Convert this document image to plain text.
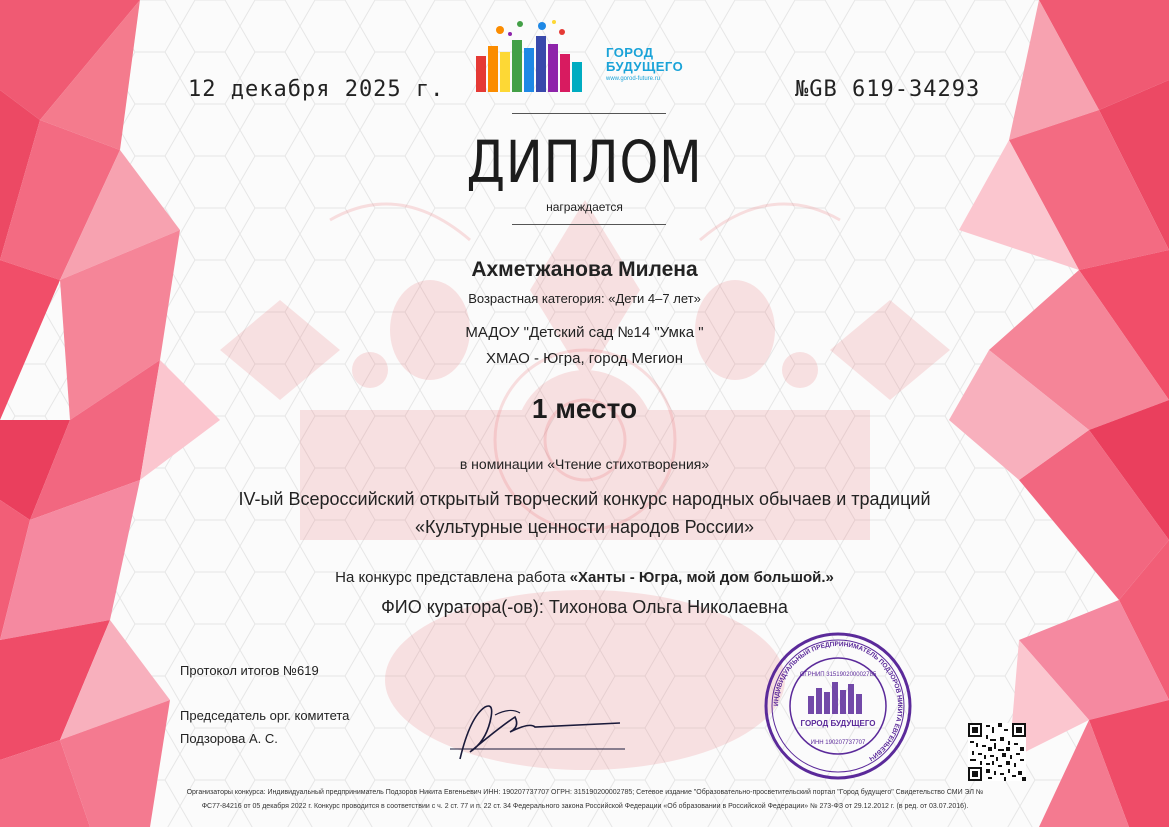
ГОРОД
БУДУЩЕГО
www.gorod-future.ru
12 декабря 2025 г.	№GB 619-34293
ДИПЛОМ
награждается
Ахметжанова Милена
Возрастная категория: «Дети 4–7 лет»
МАДОУ "Детский сад №14 "Умка "
ХМАО - Югра, город Мегион
1 место
в номинации «Чтение стихотворения»
IV-ый Всероссийский открытый творческий конкурс народных обычаев и традиций «Культурные ценности народов России»
На конкурс представлена работа «Ханты - Югра, мой дом большой.»
ФИО куратора(-ов): Тихонова Ольга Николаевна
Протокол итогов №619
Председатель орг. комитета
Подзорова А. С.
ИНДИВИДУАЛЬНЫЙ ПРЕДПРИНИМАТЕЛЬ ПОДЗОРОВ НИКИТА ЕВГЕНЬЕВИЧ
ОГРНИП 315190200002785
ГОРОД БУДУЩЕГО
ИНН 190207737707
Организаторы конкурса: Индивидуальный предприниматель Подзоров Никита Евгеньевич ИНН: 190207737707 ОГРН: 315190200002785; Сетевое издание "Образовательно-просветительский портал "Город будущего" Свидетельство СМИ ЭЛ №
ФС77-84216 от 05 декабря 2022 г. Конкурс проводится в соответствии с ч. 2 ст. 77 и п. 22 ст. 34 Федерального закона Российской Федерации «Об образовании в Российской Федерации» № 273-ФЗ от 29.12.2012 г. (в ред. от 03.07.2016).
